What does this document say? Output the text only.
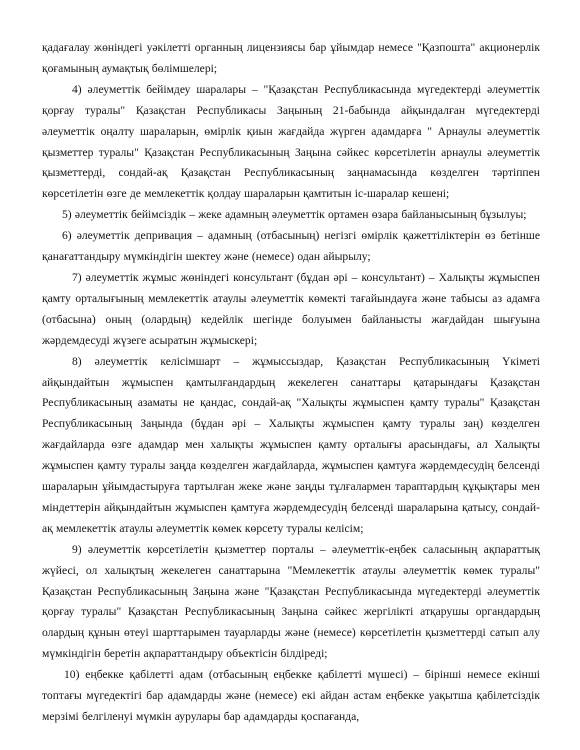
қадағалау жөніндегі уәкілетті органның лицензиясы бар ұйымдар немесе "Қазпошта" акционерлік қоғамының аумақтық бөлімшелері;

4) әлеуметтік бейімдеу шаралары – "Қазақстан Республикасында мүгедектерді әлеуметтік қорғау туралы" Қазақстан Республикасы Заңының 21-бабында айқындалған мүгедектерді әлеуметтік оңалту шараларын, өмірлік қиын жағдайда жүрген адамдарға " Арнаулы әлеуметтік қызметтер туралы" Қазақстан Республикасының Заңына сәйкес көрсетілетін арнаулы әлеуметтік қызметтерді, сондай-ақ Қазақстан Республикасының заңнамасында көзделген тәртіппен көрсетілетін өзге де мемлекеттік қолдау шараларын қамтитын іс-шаралар кешені;

5) әлеуметтік бейімсіздік – жеке адамның әлеуметтік ортамен өзара байланысының бұзылуы;

6) әлеуметтік депривация – адамның (отбасының) негізгі өмірлік қажеттіліктерін өз бетінше қанағаттандыру мүмкіндігін шектеу және (немесе) одан айырылу;

7) әлеуметтік жұмыс жөніндегі консультант (бұдан әрі – консультант) – Халықты жұмыспен қамту орталығының мемлекеттік атаулы әлеуметтік көмекті тағайындауға және табысы аз адамға (отбасына) оның (олардың) кедейлік шегінде болуымен байланысты жағдайдан шығуына жәрдемдесуді жүзеге асыратын жұмыскері;

8) әлеуметтік келісімшарт – жұмыссыздар, Қазақстан Республикасының Үкіметі айқындайтын жұмыспен қамтылғандардың жекелеген санаттары қатарындағы Қазақстан Республикасының азаматы не қандас, сондай-ақ "Халықты жұмыспен қамту туралы" Қазақстан Республикасының Заңында (бұдан әрі – Халықты жұмыспен қамту туралы заң) көзделген жағдайларда өзге адамдар мен халықты жұмыспен қамту орталығы арасындағы, ал Халықты жұмыспен қамту туралы заңда көзделген жағдайларда, жұмыспен қамтуға жәрдемдесудің белсенді шараларын ұйымдастыруға тартылған жеке және заңды тұлғалармен тараптардың құқықтары мен міндеттерін айқындайтын жұмыспен қамтуға жәрдемдесудің белсенді шараларына қатысу, сондай-ақ мемлекеттік атаулы әлеуметтік көмек көрсету туралы келісім;

9) әлеуметтік көрсетілетін қызметтер порталы – әлеуметтік-еңбек саласының ақпараттық жүйесі, ол халықтың жекелеген санаттарына "Мемлекеттік атаулы әлеуметтік көмек туралы" Қазақстан Республикасының Заңына және "Қазақстан Республикасында мүгедектерді әлеуметтік қорғау туралы" Қазақстан Республикасының Заңына сәйкес жергілікті атқарушы органдардың олардың құнын өтеуі шарттарымен тауарларды және (немесе) көрсетілетін қызметтерді сатып алу мүмкіндігін беретін ақпараттандыру объектісін білдіреді;

10) еңбекке қабілетті адам (отбасының еңбекке қабілетті мүшесі) – бірінші немесе екінші топтағы мүгедектігі бар адамдарды және (немесе) екі айдан астам еңбекке уақытша қабілетсіздік мерзімі белгіленуі мүмкін аурулары бар адамдарды қоспағанда,
